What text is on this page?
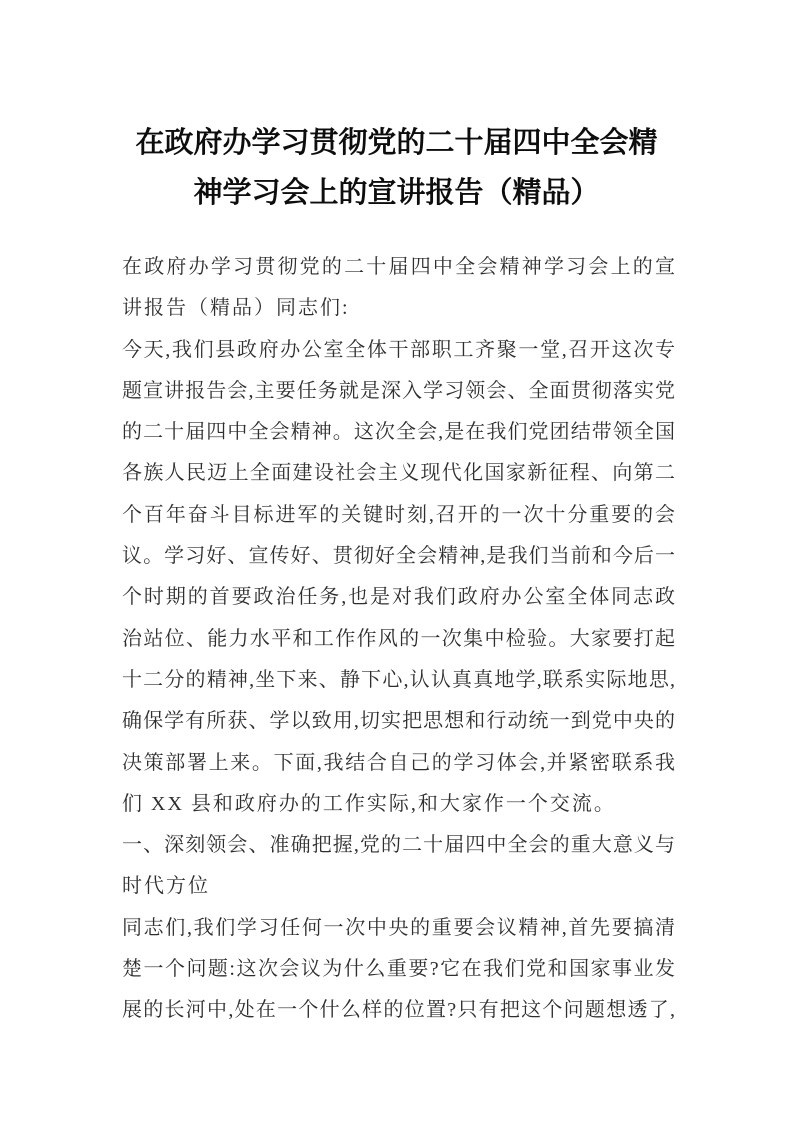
在政府办学习贯彻党的二十届四中全会精
神学习会上的宣讲报告（精品）
在政府办学习贯彻党的二十届四中全会精神学习会上的宣
讲报告（精品）同志们:
今天,我们县政府办公室全体干部职工齐聚一堂,召开这次专
题宣讲报告会,主要任务就是深入学习领会、全面贯彻落实党
的二十届四中全会精神。这次全会,是在我们党团结带领全国
各族人民迈上全面建设社会主义现代化国家新征程、向第二
个百年奋斗目标进军的关键时刻,召开的一次十分重要的会
议。学习好、宣传好、贯彻好全会精神,是我们当前和今后一
个时期的首要政治任务,也是对我们政府办公室全体同志政
治站位、能力水平和工作作风的一次集中检验。大家要打起
十二分的精神,坐下来、静下心,认认真真地学,联系实际地思,
确保学有所获、学以致用,切实把思想和行动统一到党中央的
决策部署上来。下面,我结合自己的学习体会,并紧密联系我
们 XX 县和政府办的工作实际,和大家作一个交流。
一、深刻领会、准确把握,党的二十届四中全会的重大意义与
时代方位
同志们,我们学习任何一次中央的重要会议精神,首先要搞清
楚一个问题:这次会议为什么重要?它在我们党和国家事业发
展的长河中,处在一个什么样的位置?只有把这个问题想透了,
